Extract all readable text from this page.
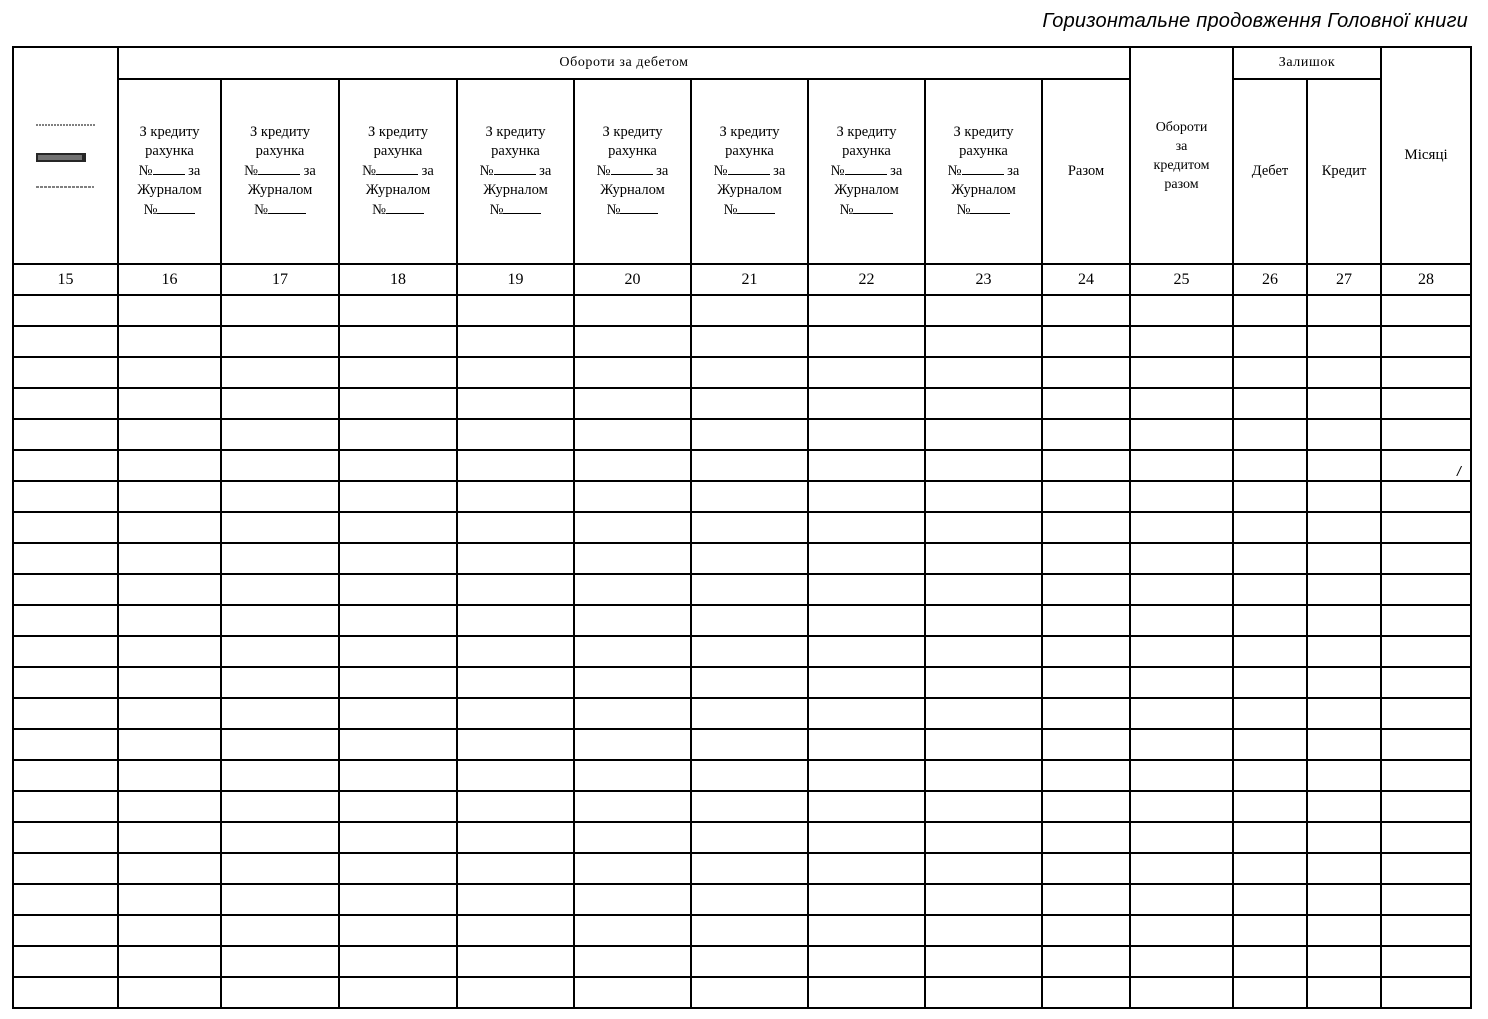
Горизонтальне продовження Головної книги
	Обороти за дебетом									Обороти
за
кредитом
разом	Залишок		Місяці

	З кредиту
рахунка
№ за
Журналом
№	З кредиту
рахунка
№ за
Журналом
№	З кредиту
рахунка
№ за
Журналом
№	З кредиту
рахунка
№ за
Журналом
№	З кредиту
рахунка
№ за
Журналом
№	З кредиту
рахунка
№ за
Журналом
№	З кредиту
рахунка
№ за
Журналом
№	З кредиту
рахунка
№ за
Журналом
№	Разом		Дебет	Кредит	
15	16	17	18	19	20	21	22	23	24	25	26	27	28

/
